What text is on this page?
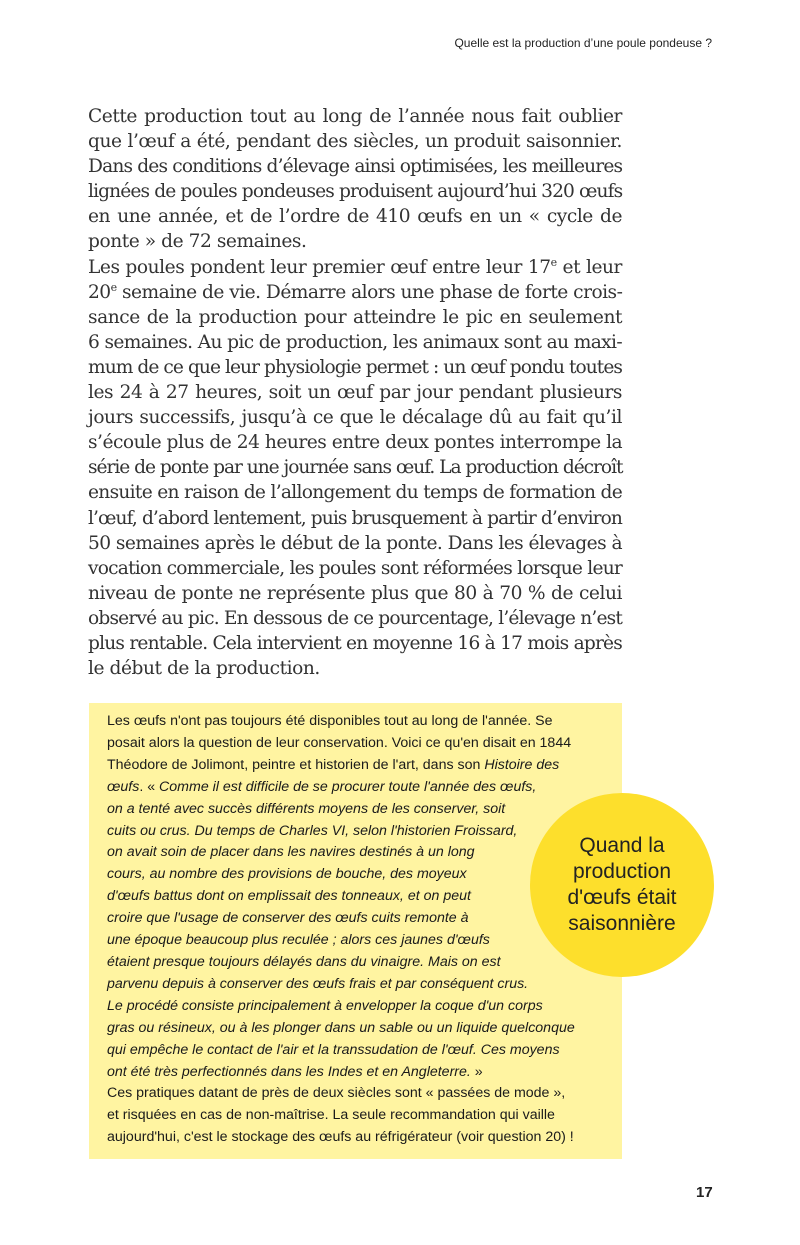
Quelle est la production d’une poule pondeuse ?
Cette production tout au long de l’année nous fait oublier
que l’œuf a été, pendant des siècles, un produit saisonnier.
Dans des conditions d’élevage ainsi optimisées, les meilleures
lignées de poules pondeuses produisent aujourd’hui 320 œufs
en une année, et de l’ordre de 410 œufs en un « cycle de
ponte » de 72 semaines.
Les poules pondent leur premier œuf entre leur 17e et leur
20e semaine de vie. Démarre alors une phase de forte crois-
sance de la production pour atteindre le pic en seulement
6 semaines. Au pic de production, les animaux sont au maxi-
mum de ce que leur physiologie permet : un œuf pondu toutes
les 24 à 27 heures, soit un œuf par jour pendant plusieurs
jours successifs, jusqu’à ce que le décalage dû au fait qu’il
s’écoule plus de 24 heures entre deux pontes interrompe la
série de ponte par une journée sans œuf. La production décroît
ensuite en raison de l’allongement du temps de formation de
l’œuf, d’abord lentement, puis brusquement à partir d’environ
50 semaines après le début de la ponte. Dans les élevages à
vocation commerciale, les poules sont réformées lorsque leur
niveau de ponte ne représente plus que 80 à 70 % de celui
observé au pic. En dessous de ce pourcentage, l’élevage n’est
plus rentable. Cela intervient en moyenne 16 à 17 mois après
le début de la production.
Les œufs n'ont pas toujours été disponibles tout au long de l'année. Se
posait alors la question de leur conservation. Voici ce qu'en disait en 1844
Théodore de Jolimont, peintre et historien de l'art, dans son Histoire des
œufs. « Comme il est difficile de se procurer toute l'année des œufs,
on a tenté avec succès différents moyens de les conserver, soit
cuits ou crus. Du temps de Charles VI, selon l'historien Froissard,
on avait soin de placer dans les navires destinés à un long
cours, au nombre des provisions de bouche, des moyeux
d'œufs battus dont on emplissait des tonneaux, et on peut
croire que l'usage de conserver des œufs cuits remonte à
une époque beaucoup plus reculée ; alors ces jaunes d'œufs
étaient presque toujours délayés dans du vinaigre. Mais on est
parvenu depuis à conserver des œufs frais et par conséquent crus.
Le procédé consiste principalement à envelopper la coque d'un corps
gras ou résineux, ou à les plonger dans un sable ou un liquide quelconque
qui empêche le contact de l'air et la transsudation de l'œuf. Ces moyens
ont été très perfectionnés dans les Indes et en Angleterre. »
Ces pratiques datant de près de deux siècles sont « passées de mode »,
et risquées en cas de non-maîtrise. La seule recommandation qui vaille
aujourd'hui, c'est le stockage des œufs au réfrigérateur (voir question 20) !
Quand la production d'œufs était saisonnière
17
